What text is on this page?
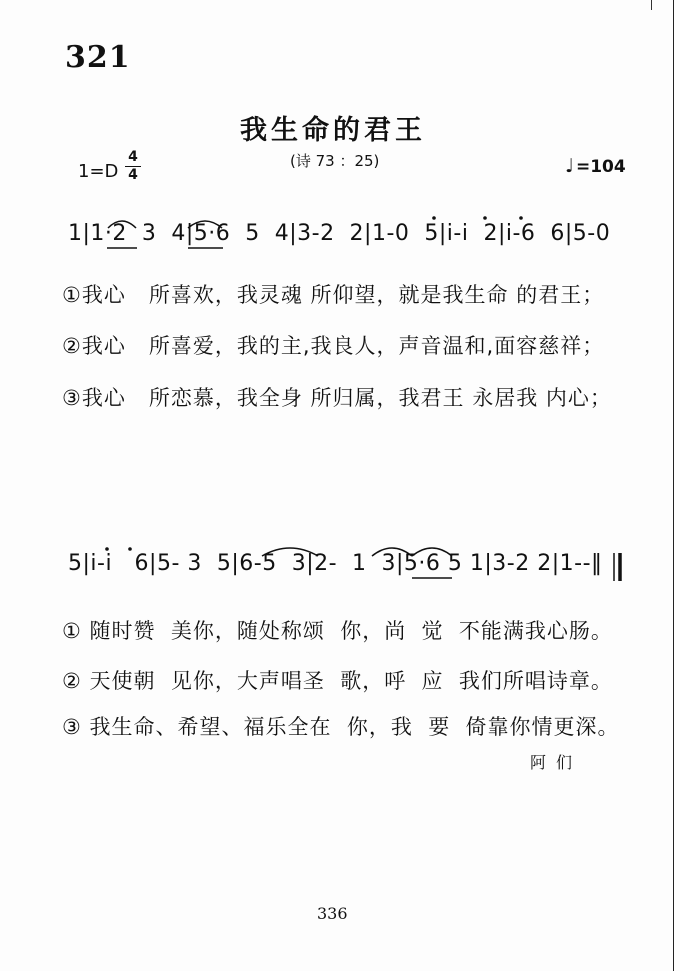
321
我生命的君王
1=D
4
4
(诗 73 ：25)	♩ =104
1|1·2  3  4|5·6  5  4|3-2  2|1-0  5|i-i  2|i-6  6|5-0
①我心   所喜欢，我灵魂 所仰望，就是我生命 的君王；
②我心   所喜爱，我的主,我良人，声音温和,面容慈祥；
③我心   所恋慕，我全身 所归属，我君王 永居我 内心；
5|i-i   6|5- 3  5|6-5  3|2-  1  3|5·6 5 1|3-2 2|1--‖
① 随时赞  美你，随处称颂  你，尚  觉  不能满我心肠。
② 天使朝  见你，大声唱圣  歌，呼  应  我们所唱诗章。
③ 我生命、希望、福乐全在  你，我  要  倚靠你情更深。
阿们
336
